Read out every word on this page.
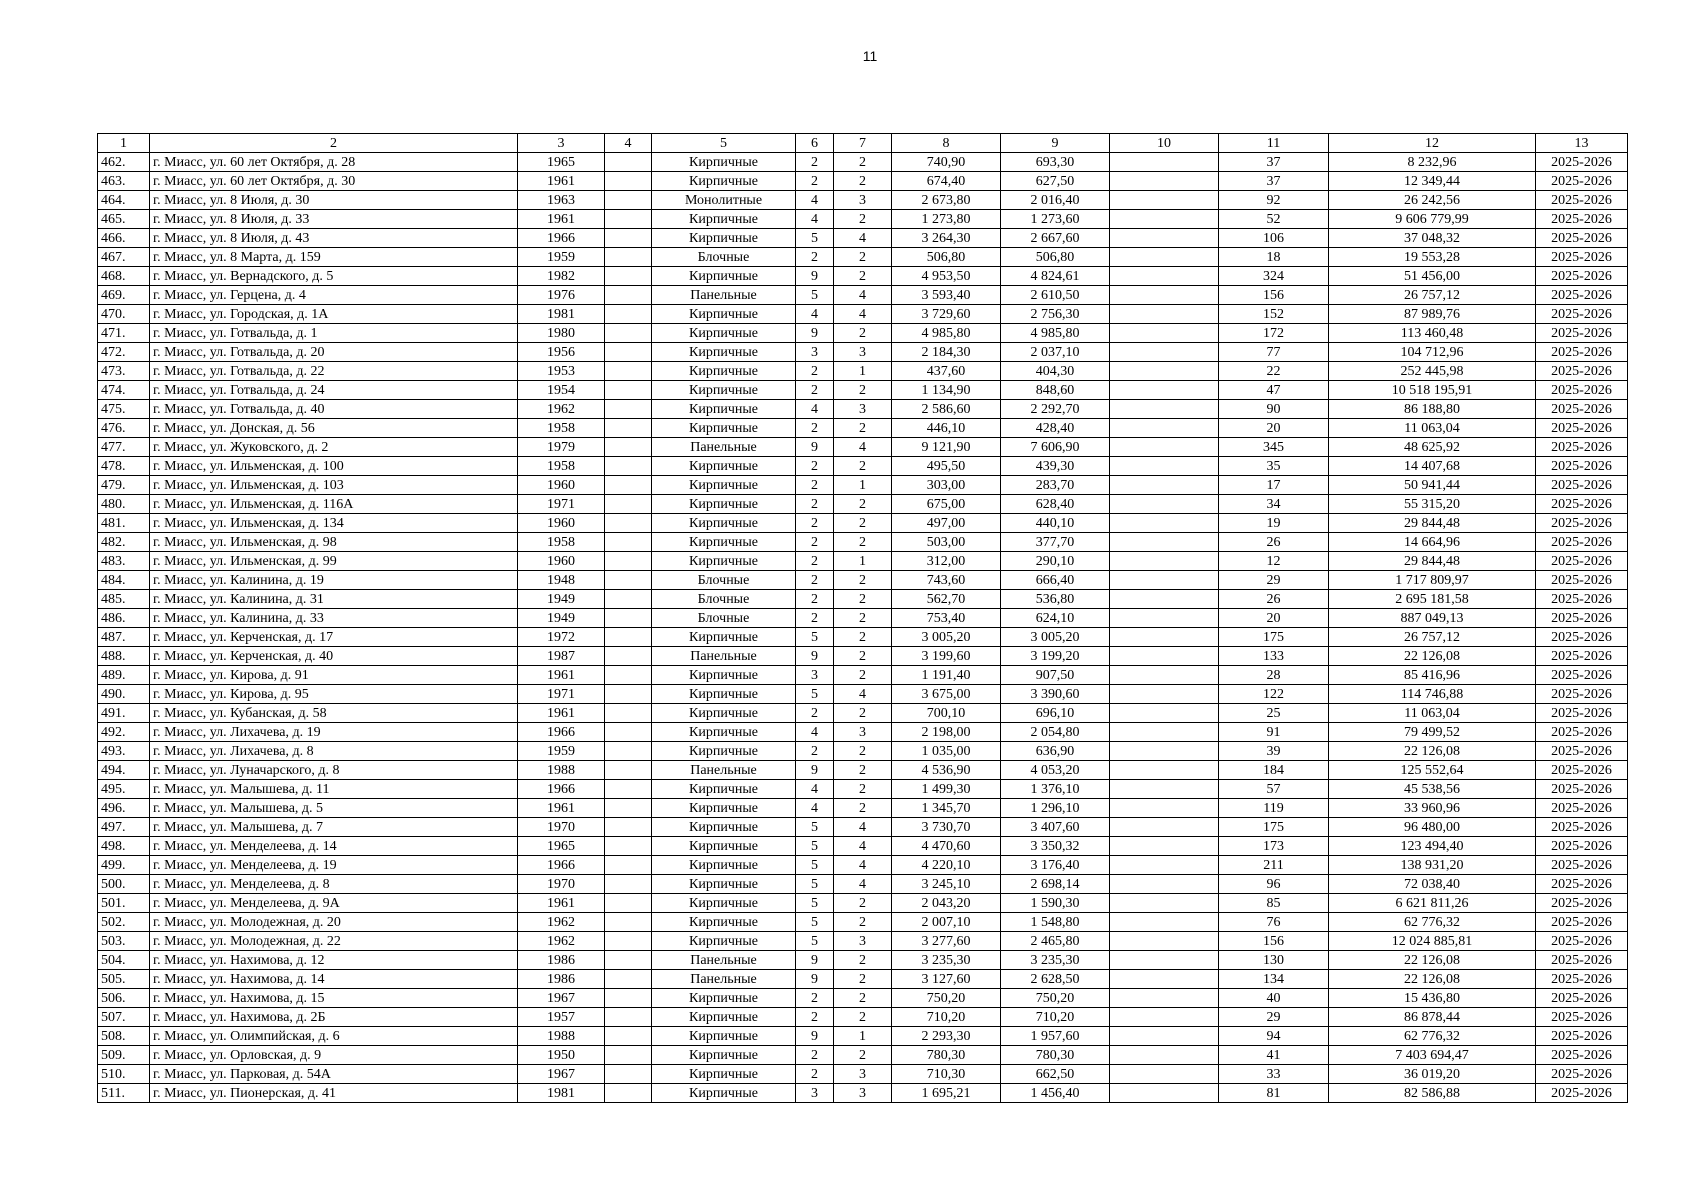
11
1	2	3	4	5	6	7	8	9	10	11	12	13
462.	г. Миасс, ул. 60 лет Октября, д. 28	1965		Кирпичные	2	2	740,90	693,30		37	8 232,96	2025-2026
463.	г. Миасс, ул. 60 лет Октября, д. 30	1961		Кирпичные	2	2	674,40	627,50		37	12 349,44	2025-2026
464.	г. Миасс, ул. 8 Июля, д. 30	1963		Монолитные	4	3	2 673,80	2 016,40		92	26 242,56	2025-2026
465.	г. Миасс, ул. 8 Июля, д. 33	1961		Кирпичные	4	2	1 273,80	1 273,60		52	9 606 779,99	2025-2026
466.	г. Миасс, ул. 8 Июля, д. 43	1966		Кирпичные	5	4	3 264,30	2 667,60		106	37 048,32	2025-2026
467.	г. Миасс, ул. 8 Марта, д. 159	1959		Блочные	2	2	506,80	506,80		18	19 553,28	2025-2026
468.	г. Миасс, ул. Вернадского, д. 5	1982		Кирпичные	9	2	4 953,50	4 824,61		324	51 456,00	2025-2026
469.	г. Миасс, ул. Герцена, д. 4	1976		Панельные	5	4	3 593,40	2 610,50		156	26 757,12	2025-2026
470.	г. Миасс, ул. Городская, д. 1А	1981		Кирпичные	4	4	3 729,60	2 756,30		152	87 989,76	2025-2026
471.	г. Миасс, ул. Готвальда, д. 1	1980		Кирпичные	9	2	4 985,80	4 985,80		172	113 460,48	2025-2026
472.	г. Миасс, ул. Готвальда, д. 20	1956		Кирпичные	3	3	2 184,30	2 037,10		77	104 712,96	2025-2026
473.	г. Миасс, ул. Готвальда, д. 22	1953		Кирпичные	2	1	437,60	404,30		22	252 445,98	2025-2026
474.	г. Миасс, ул. Готвальда, д. 24	1954		Кирпичные	2	2	1 134,90	848,60		47	10 518 195,91	2025-2026
475.	г. Миасс, ул. Готвальда, д. 40	1962		Кирпичные	4	3	2 586,60	2 292,70		90	86 188,80	2025-2026
476.	г. Миасс, ул. Донская, д. 56	1958		Кирпичные	2	2	446,10	428,40		20	11 063,04	2025-2026
477.	г. Миасс, ул. Жуковского, д. 2	1979		Панельные	9	4	9 121,90	7 606,90		345	48 625,92	2025-2026
478.	г. Миасс, ул. Ильменская, д. 100	1958		Кирпичные	2	2	495,50	439,30		35	14 407,68	2025-2026
479.	г. Миасс, ул. Ильменская, д. 103	1960		Кирпичные	2	1	303,00	283,70		17	50 941,44	2025-2026
480.	г. Миасс, ул. Ильменская, д. 116А	1971		Кирпичные	2	2	675,00	628,40		34	55 315,20	2025-2026
481.	г. Миасс, ул. Ильменская, д. 134	1960		Кирпичные	2	2	497,00	440,10		19	29 844,48	2025-2026
482.	г. Миасс, ул. Ильменская, д. 98	1958		Кирпичные	2	2	503,00	377,70		26	14 664,96	2025-2026
483.	г. Миасс, ул. Ильменская, д. 99	1960		Кирпичные	2	1	312,00	290,10		12	29 844,48	2025-2026
484.	г. Миасс, ул. Калинина, д. 19	1948		Блочные	2	2	743,60	666,40		29	1 717 809,97	2025-2026
485.	г. Миасс, ул. Калинина, д. 31	1949		Блочные	2	2	562,70	536,80		26	2 695 181,58	2025-2026
486.	г. Миасс, ул. Калинина, д. 33	1949		Блочные	2	2	753,40	624,10		20	887 049,13	2025-2026
487.	г. Миасс, ул. Керченская, д. 17	1972		Кирпичные	5	2	3 005,20	3 005,20		175	26 757,12	2025-2026
488.	г. Миасс, ул. Керченская, д. 40	1987		Панельные	9	2	3 199,60	3 199,20		133	22 126,08	2025-2026
489.	г. Миасс, ул. Кирова, д. 91	1961		Кирпичные	3	2	1 191,40	907,50		28	85 416,96	2025-2026
490.	г. Миасс, ул. Кирова, д. 95	1971		Кирпичные	5	4	3 675,00	3 390,60		122	114 746,88	2025-2026
491.	г. Миасс, ул. Кубанская, д. 58	1961		Кирпичные	2	2	700,10	696,10		25	11 063,04	2025-2026
492.	г. Миасс, ул. Лихачева, д. 19	1966		Кирпичные	4	3	2 198,00	2 054,80		91	79 499,52	2025-2026
493.	г. Миасс, ул. Лихачева, д. 8	1959		Кирпичные	2	2	1 035,00	636,90		39	22 126,08	2025-2026
494.	г. Миасс, ул. Луначарского, д. 8	1988		Панельные	9	2	4 536,90	4 053,20		184	125 552,64	2025-2026
495.	г. Миасс, ул. Малышева, д. 11	1966		Кирпичные	4	2	1 499,30	1 376,10		57	45 538,56	2025-2026
496.	г. Миасс, ул. Малышева, д. 5	1961		Кирпичные	4	2	1 345,70	1 296,10		119	33 960,96	2025-2026
497.	г. Миасс, ул. Малышева, д. 7	1970		Кирпичные	5	4	3 730,70	3 407,60		175	96 480,00	2025-2026
498.	г. Миасс, ул. Менделеева, д. 14	1965		Кирпичные	5	4	4 470,60	3 350,32		173	123 494,40	2025-2026
499.	г. Миасс, ул. Менделеева, д. 19	1966		Кирпичные	5	4	4 220,10	3 176,40		211	138 931,20	2025-2026
500.	г. Миасс, ул. Менделеева, д. 8	1970		Кирпичные	5	4	3 245,10	2 698,14		96	72 038,40	2025-2026
501.	г. Миасс, ул. Менделеева, д. 9А	1961		Кирпичные	5	2	2 043,20	1 590,30		85	6 621 811,26	2025-2026
502.	г. Миасс, ул. Молодежная, д. 20	1962		Кирпичные	5	2	2 007,10	1 548,80		76	62 776,32	2025-2026
503.	г. Миасс, ул. Молодежная, д. 22	1962		Кирпичные	5	3	3 277,60	2 465,80		156	12 024 885,81	2025-2026
504.	г. Миасс, ул. Нахимова, д. 12	1986		Панельные	9	2	3 235,30	3 235,30		130	22 126,08	2025-2026
505.	г. Миасс, ул. Нахимова, д. 14	1986		Панельные	9	2	3 127,60	2 628,50		134	22 126,08	2025-2026
506.	г. Миасс, ул. Нахимова, д. 15	1967		Кирпичные	2	2	750,20	750,20		40	15 436,80	2025-2026
507.	г. Миасс, ул. Нахимова, д. 2Б	1957		Кирпичные	2	2	710,20	710,20		29	86 878,44	2025-2026
508.	г. Миасс, ул. Олимпийская, д. 6	1988		Кирпичные	9	1	2 293,30	1 957,60		94	62 776,32	2025-2026
509.	г. Миасс, ул. Орловская, д. 9	1950		Кирпичные	2	2	780,30	780,30		41	7 403 694,47	2025-2026
510.	г. Миасс, ул. Парковая, д. 54А	1967		Кирпичные	2	3	710,30	662,50		33	36 019,20	2025-2026
511.	г. Миасс, ул. Пионерская, д. 41	1981		Кирпичные	3	3	1 695,21	1 456,40		81	82 586,88	2025-2026
